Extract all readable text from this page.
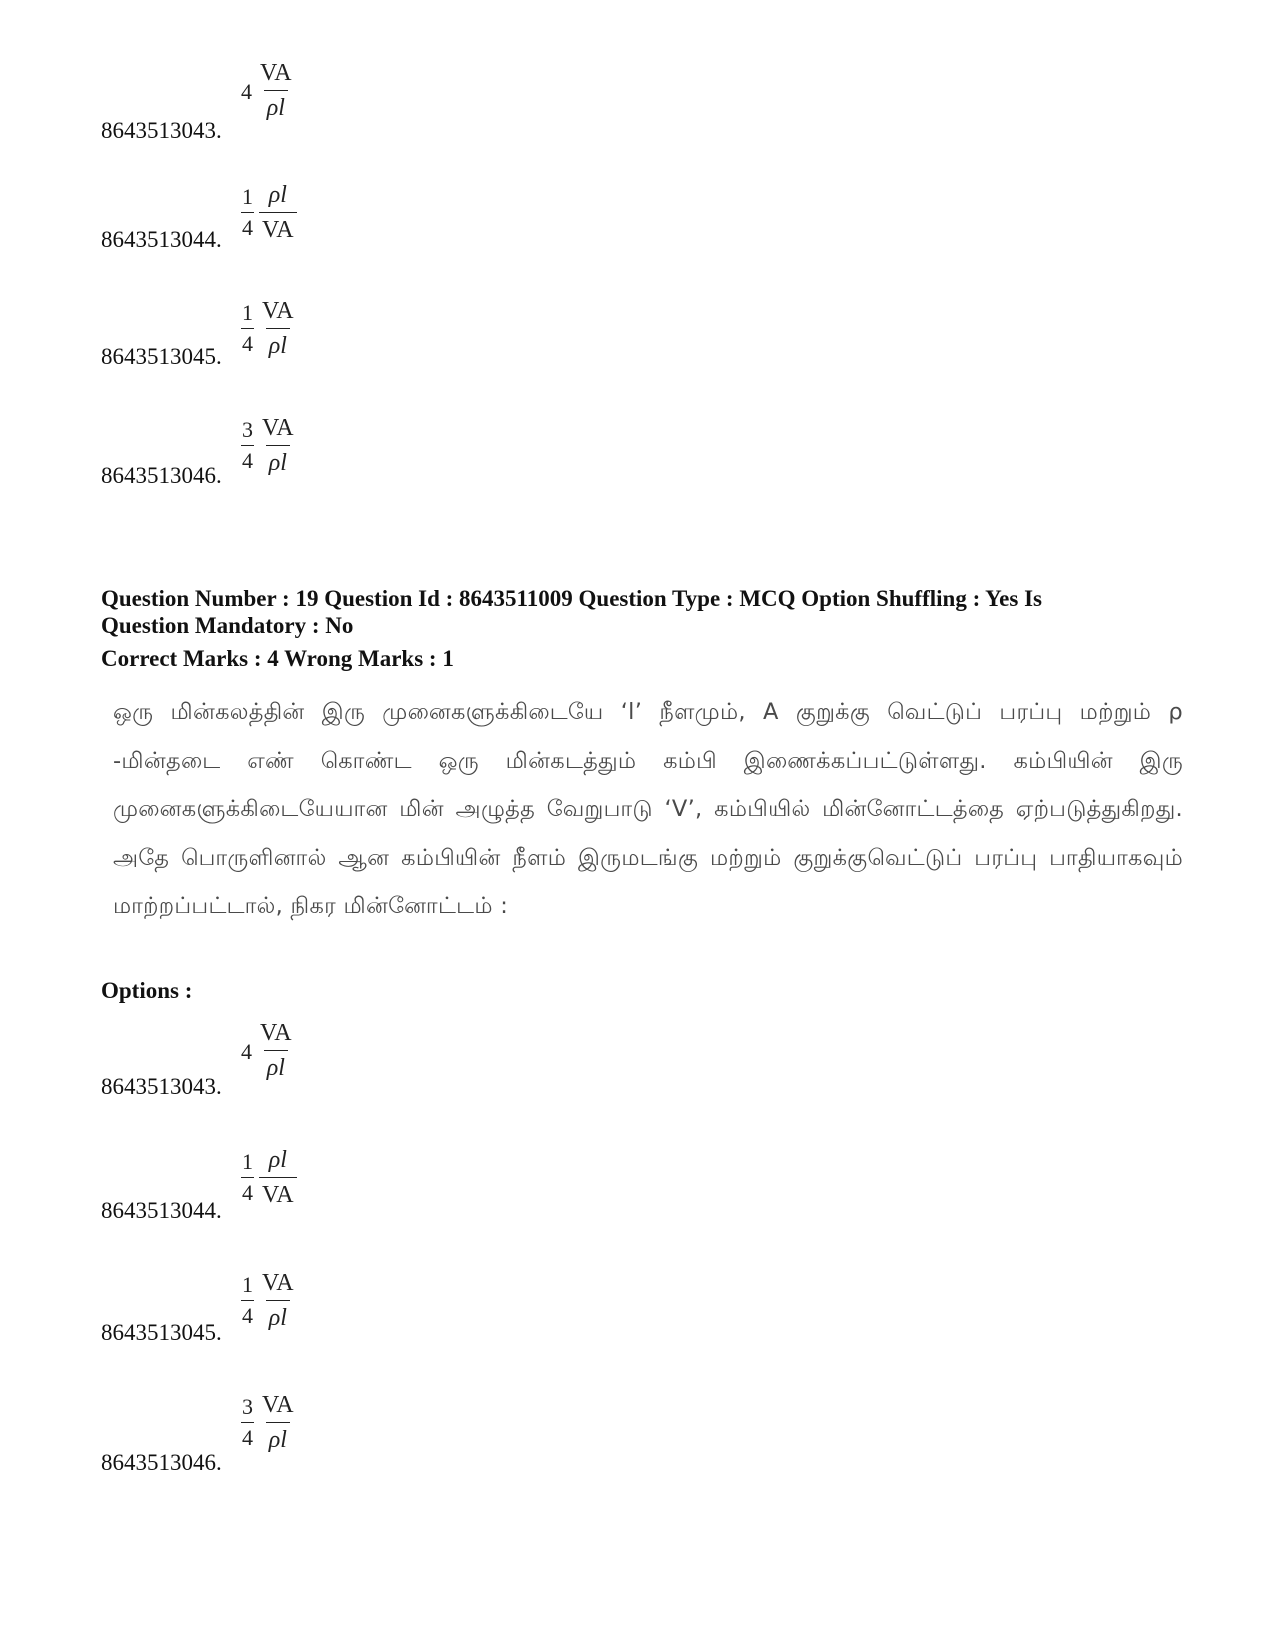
$4 \frac{VA}{\rho l}$
8643513043.
$\frac{1}{4} \frac{\rho l}{VA}$
8643513044.
$\frac{1}{4} \frac{VA}{\rho l}$
8643513045.
$\frac{3}{4} \frac{VA}{\rho l}$
8643513046.
Question Number : 19 Question Id : 8643511009 Question Type : MCQ Option Shuffling : Yes Is
Question Mandatory : No
Correct Marks : 4 Wrong Marks : 1
ஒரு மின்கலத்தின் இரு முனைகளுக்கிடையே ‘l’ நீளமும், A குறுக்கு வெட்டுப் பரப்பு மற்றும் ρ -மின்தடை எண் கொண்ட ஒரு மின்கடத்தும் கம்பி இணைக்கப்பட்டுள்ளது. கம்பியின் இரு முனைகளுக்கிடையேயான மின் அழுத்த வேறுபாடு ‘V’, கம்பியில் மின்னோட்டத்தை ஏற்படுத்துகிறது. அதே பொருளினால் ஆன கம்பியின் நீளம் இருமடங்கு மற்றும் குறுக்குவெட்டுப் பரப்பு பாதியாகவும் மாற்றப்பட்டால், நிகர மின்னோட்டம் :
Options :
$4 \frac{VA}{\rho l}$
8643513043.
$\frac{1}{4} \frac{\rho l}{VA}$
8643513044.
$\frac{1}{4} \frac{VA}{\rho l}$
8643513045.
$\frac{3}{4} \frac{VA}{\rho l}$
8643513046.
